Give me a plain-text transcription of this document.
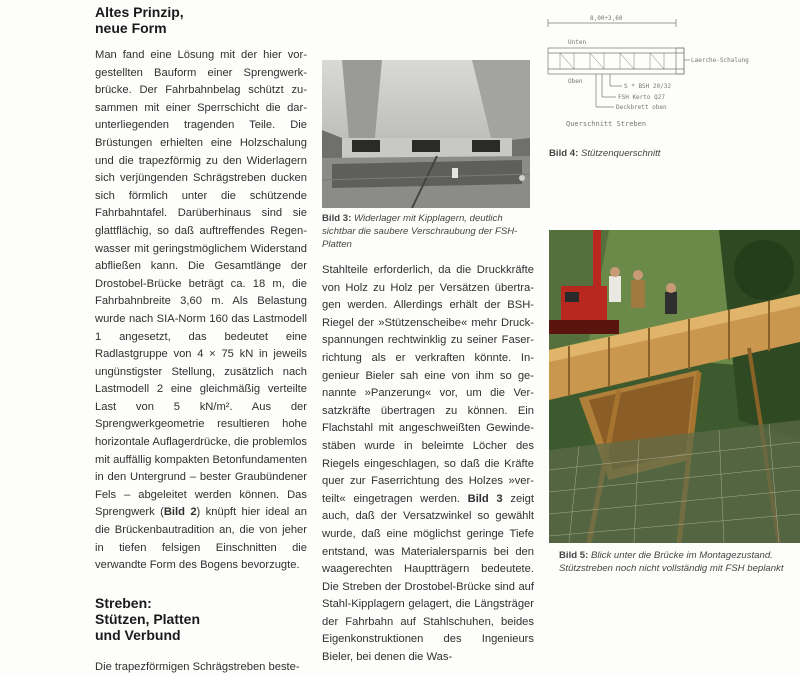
Altes Prinzip,
neue Form

Man fand eine Lösung mit der hier vorgestellten Bauform einer Sprengwerkbrücke. Der Fahrbahnbelag schützt zusammen mit einer Sperrschicht die darunterliegenden tragenden Teile. Die Brüstungen erhielten eine Holzschalung und die trapezförmig zu den Widerlagern sich verjüngenden Schrägstreben ducken sich förmlich unter die schützende Fahrbahntafel. Darüberhinaus sind sie glattflächig, so daß auftreffendes Regenwasser mit geringstmöglichem Widerstand abfließen kann. Die Gesamtlänge der Drostobel-Brücke beträgt ca. 18 m, die Fahrbahnbreite 3,60 m. Als Belastung wurde nach SIA-Norm 160 das Lastmodell 1 angesetzt, das bedeutet eine Radlastgruppe von 4 × 75 kN in jeweils ungünstigster Stellung, zusätzlich nach Lastmodell 2 eine gleichmäßig verteilte Last von 5 kN/m². Aus der Sprengwerkgeometrie resultieren hohe horizontale Auflagerdrücke, die problemlos mit auffällig kompakten Betonfundamenten in den Untergrund – bester Graubündener Fels – abgeleitet werden können. Das Sprengwerk (Bild 2) knüpft hier ideal an die Brückenbautradition an, die von jeher in tiefen felsigen Einschnitten die verwandte Form des Bogens bevorzugte.

Streben:
Stützen, Platten
und Verbund

Die trapezförmigen Schrägstreben beste-

Bild 3: Widerlager mit Kipplagern, deutlich sichtbar die saubere Verschraubung der FSH-Platten

Stahlteile erforderlich, da die Druckkräfte von Holz zu Holz per Versätzen übertragen werden. Allerdings erhält der BSH-Riegel der »Stützenscheibe« mehr Druckspannungen rechtwinklig zu seiner Faserrichtung als er verkraften könnte. Ingenieur Bieler sah eine von ihm so genannte »Panzerung« vor, um die Versatzkräfte übertragen zu können. Ein Flachstahl mit angeschweißten Gewindestäben wurde in beleimte Löcher des Riegels eingeschlagen, so daß die Kräfte quer zur Faserrichtung des Holzes »verteilt« eingetragen werden. Bild 3 zeigt auch, daß der Versatzwinkel so gewählt wurde, daß eine möglichst geringe Tiefe entstand, was Materialersparnis bei den waagerechten Hauptträgern bedeutete. Die Streben der Drostobel-Brücke sind auf Stahl-Kipplagern gelagert, die Längsträger der Fahrbahn auf Stahlschuhen, beides Eigenkonstruktionen des Ingenieurs Bieler, bei denen die Was-

8,00÷3,60
Unten
Oben
Laerche-Schalung
S * BSH 20/32
FSH Kerto Q27
Deckbrett oben
Querschnitt Streben

Bild 4: Stützenquerschnitt

Bild 5: Blick unter die Brücke im Montagezustand. Stützstreben noch nicht vollständig mit FSH beplankt
